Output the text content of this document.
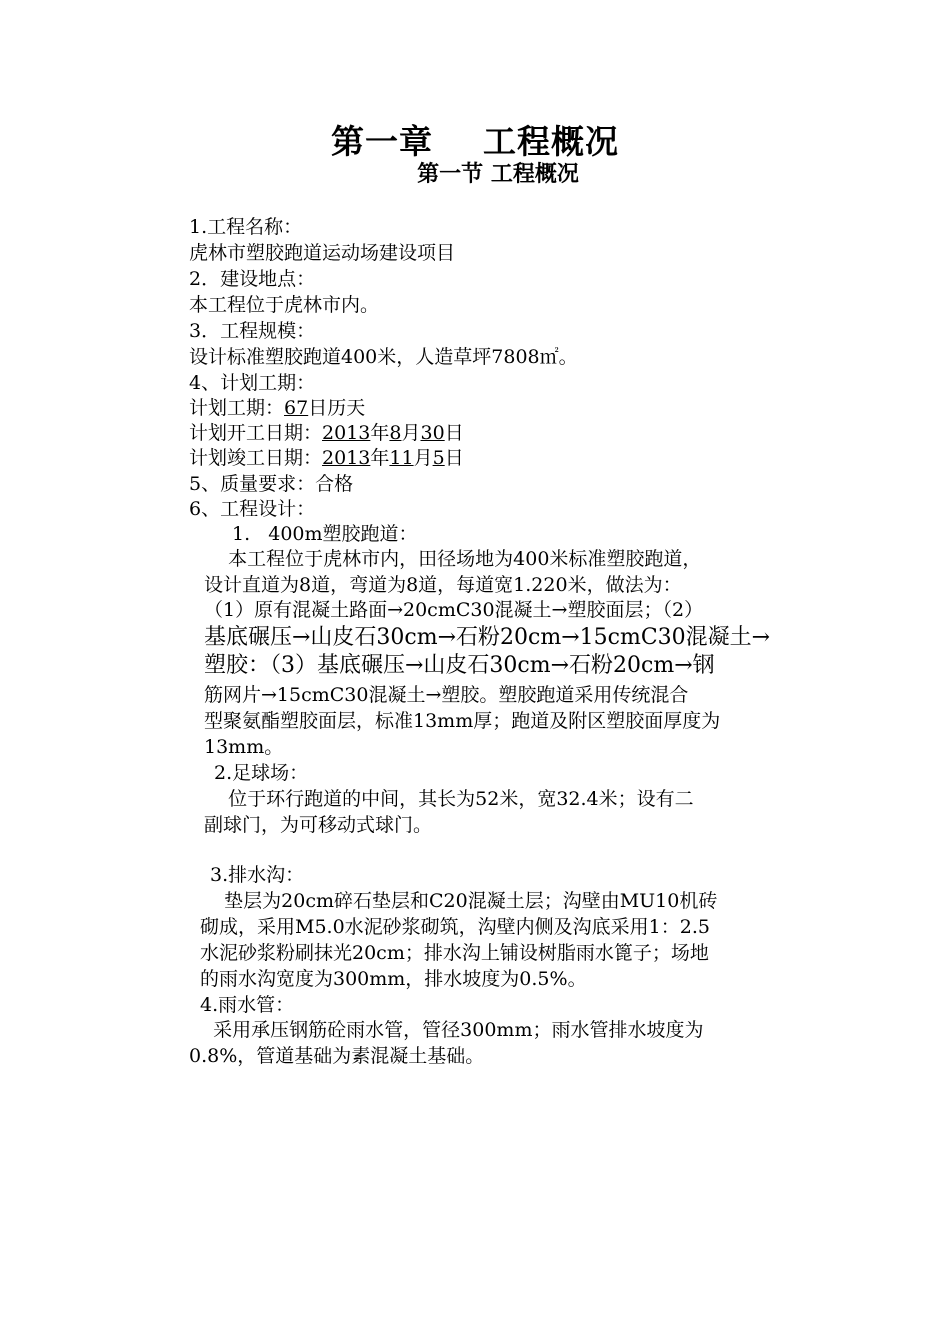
第一章    工程概况
第一节 工程概况
1.工程名称：
虎林市塑胶跑道运动场建设项目
2．建设地点：
本工程位于虎林市内。
3．工程规模：
设计标准塑胶跑道400米，人造草坪7808㎡。
4、计划工期：
计划工期：67日历天
计划开工日期：2013年8月30日
计划竣工日期：2013年11月5日
5、质量要求：合格
6、工程设计：
1.   400m塑胶跑道：
本工程位于虎林市内，田径场地为400米标准塑胶跑道，
设计直道为8道，弯道为8道，每道宽1.220米，做法为：
（1）原有混凝土路面→20cmC30混凝土→塑胶面层；（2）
基底碾压→山皮石30cm→石粉20cm→15cmC30混凝土→
塑胶：（3）基底碾压→山皮石30cm→石粉20cm→钢
筋网片→15cmC30混凝土→塑胶。塑胶跑道采用传统混合
型聚氨酯塑胶面层，标准13mm厚；跑道及附区塑胶面厚度为
13mm。
2.足球场：
位于环行跑道的中间，其长为52米，宽32.4米；设有二
副球门，为可移动式球门。
3.排水沟：
垫层为20cm碎石垫层和C20混凝土层；沟壁由MU10机砖
砌成，采用M5.0水泥砂浆砌筑，沟壁内侧及沟底采用1：2.5
水泥砂浆粉刷抹光20cm；排水沟上铺设树脂雨水篦子；场地
的雨水沟宽度为300mm，排水坡度为0.5%。
4.雨水管：
采用承压钢筋砼雨水管，管径300mm；雨水管排水坡度为
0.8%，管道基础为素混凝土基础。
